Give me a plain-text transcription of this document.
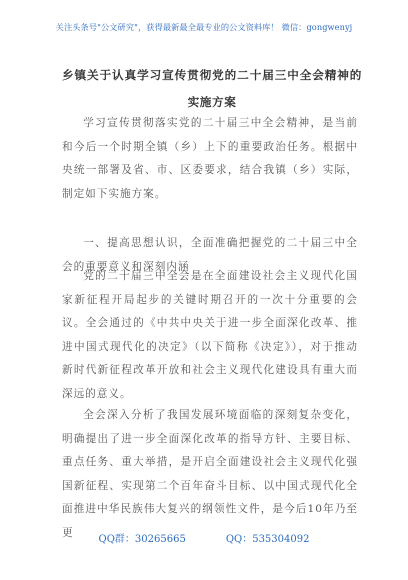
关注头条号"公文研究"，获得最新最全最专业的公文资料库！ 微信：gongwenyj
乡镇关于认真学习宣传贯彻党的二十届三中全会精神的实施方案

学习宣传贯彻落实党的二十届三中全会精神，是当前和今后一个时期全镇（乡）上下的重要政治任务。根据中央统一部署及省、市、区委要求，结合我镇（乡）实际，制定如下实施方案。

一、提高思想认识，全面准确把握党的二十届三中全会的重要意义和深刻内涵

党的二十届三中全会是在全面建设社会主义现代化国家新征程开局起步的关键时期召开的一次十分重要的会议。全会通过的《中共中央关于进一步全面深化改革、推进中国式现代化的决定》（以下简称《决定》），对于推动新时代新征程改革开放和社会主义现代化建设具有重大而深远的意义。

全会深入分析了我国发展环境面临的深刻复杂变化，明确提出了进一步全面深化改革的指导方针、主要目标、重点任务、重大举措，是开启全面建设社会主义现代化强国新征程、实现第二个百年奋斗目标、以中国式现代化全面推进中华民族伟大复兴的纲领性文件，是今后10年乃至更

QQ群：30265665	QQ：535304092
